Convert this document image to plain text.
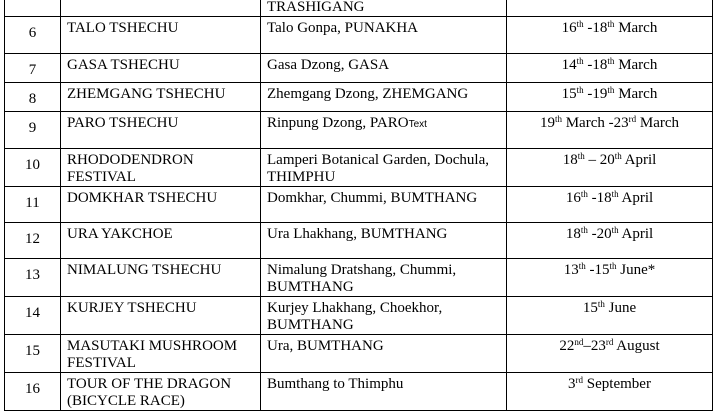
		TRASHIGANG	
6	TALO TSHECHU	Talo Gonpa, PUNAKHA	16th -18th March
7	GASA TSHECHU	Gasa Dzong, GASA	14th -18th March
8	ZHEMGANG TSHECHU	Zhemgang Dzong, ZHEMGANG	15th -19th March
9	PARO TSHECHU	Rinpung Dzong, PAROText	19th March -23rd March
10	RHODODENDRON FESTIVAL	Lamperi Botanical Garden, Dochula, THIMPHU	18th – 20th April
11	DOMKHAR TSHECHU	Domkhar, Chummi, BUMTHANG	16th -18th April
12	URA YAKCHOE	Ura Lhakhang, BUMTHANG	18th -20th April
13	NIMALUNG TSHECHU	Nimalung Dratshang, Chummi, BUMTHANG	13th -15th June*
14	KURJEY TSHECHU	Kurjey Lhakhang, Choekhor, BUMTHANG	15th June
15	MASUTAKI MUSHROOM FESTIVAL	Ura, BUMTHANG	22nd–23rd August
16	TOUR OF THE DRAGON (BICYCLE RACE)	Bumthang to Thimphu	3rd September
